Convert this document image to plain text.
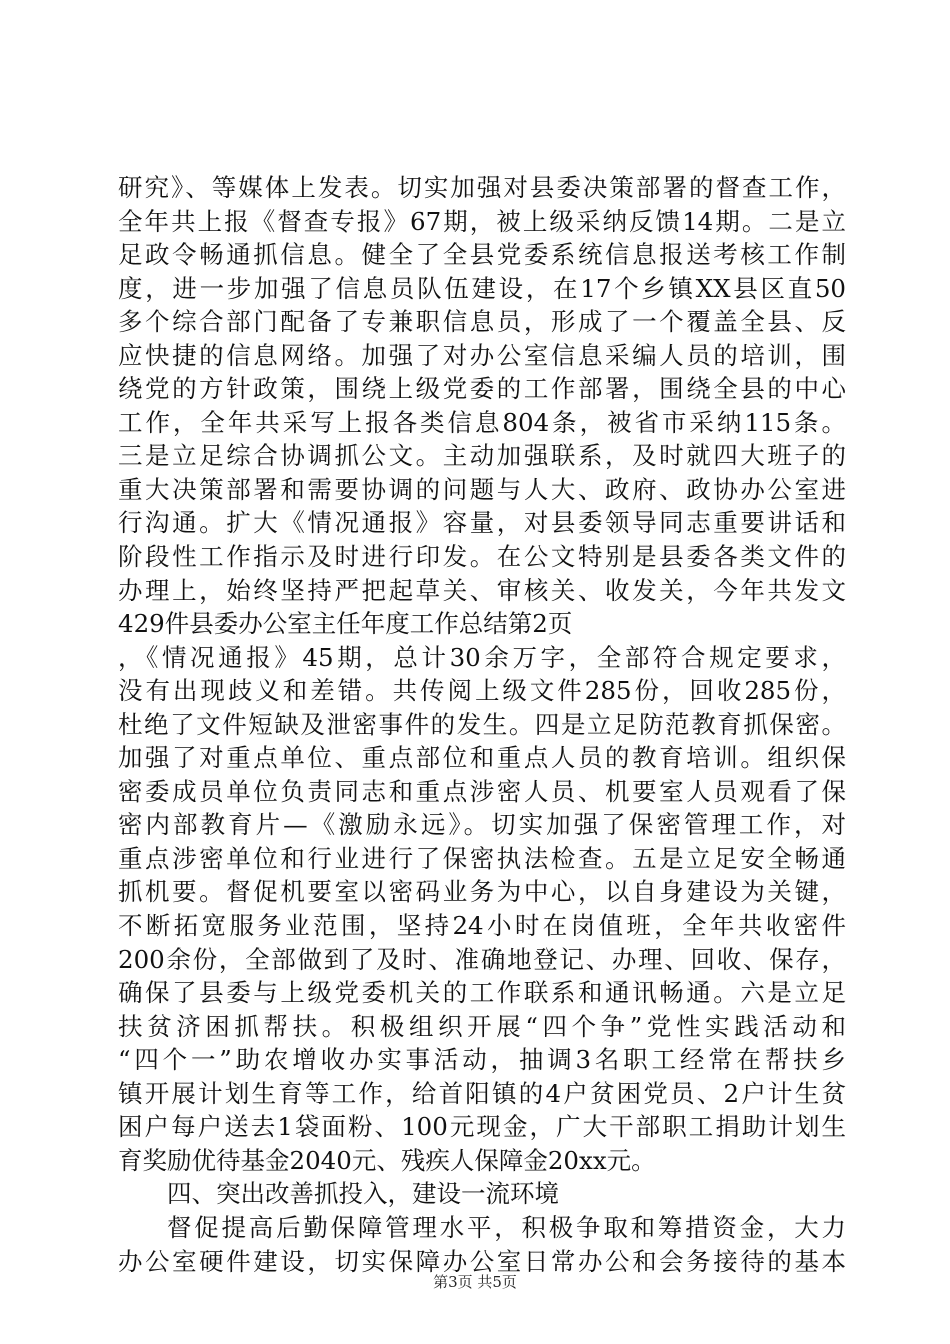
研究》、等媒体上发表。切实加强对县委决策部署的督查工作，
全年共上报《督查专报》67期，被上级采纳反馈14期。二是立
足政令畅通抓信息。健全了全县党委系统信息报送考核工作制
度，进一步加强了信息员队伍建设，在17个乡镇XX县区直50
多个综合部门配备了专兼职信息员，形成了一个覆盖全县、反
应快捷的信息网络。加强了对办公室信息采编人员的培训，围
绕党的方针政策，围绕上级党委的工作部署，围绕全县的中心
工作，全年共采写上报各类信息804条，被省市采纳115条。
三是立足综合协调抓公文。主动加强联系，及时就四大班子的
重大决策部署和需要协调的问题与人大、政府、政协办公室进
行沟通。扩大《情况通报》容量，对县委领导同志重要讲话和
阶段性工作指示及时进行印发。在公文特别是县委各类文件的
办理上，始终坚持严把起草关、审核关、收发关，今年共发文
429件县委办公室主任年度工作总结第2页
，《情况通报》45期，总计30余万字，全部符合规定要求，
没有出现歧义和差错。共传阅上级文件285份，回收285份，
杜绝了文件短缺及泄密事件的发生。四是立足防范教育抓保密。
加强了对重点单位、重点部位和重点人员的教育培训。组织保
密委成员单位负责同志和重点涉密人员、机要室人员观看了保
密内部教育片—《激励永远》。切实加强了保密管理工作，对
重点涉密单位和行业进行了保密执法检查。五是立足安全畅通
抓机要。督促机要室以密码业务为中心，以自身建设为关键，
不断拓宽服务业范围，坚持24小时在岗值班，全年共收密件
200余份，全部做到了及时、准确地登记、办理、回收、保存，
确保了县委与上级党委机关的工作联系和通讯畅通。六是立足
扶贫济困抓帮扶。积极组织开展“四个争”党性实践活动和
“四个一”助农增收办实事活动，抽调3名职工经常在帮扶乡
镇开展计划生育等工作，给首阳镇的4户贫困党员、2户计生贫
困户每户送去1袋面粉、100元现金，广大干部职工捐助计划生
育奖励优待基金2040元、残疾人保障金20xx元。
四、突出改善抓投入，建设一流环境
督促提高后勤保障管理水平，积极争取和筹措资金，大力
办公室硬件建设，切实保障办公室日常办公和会务接待的基本
第3页 共5页
